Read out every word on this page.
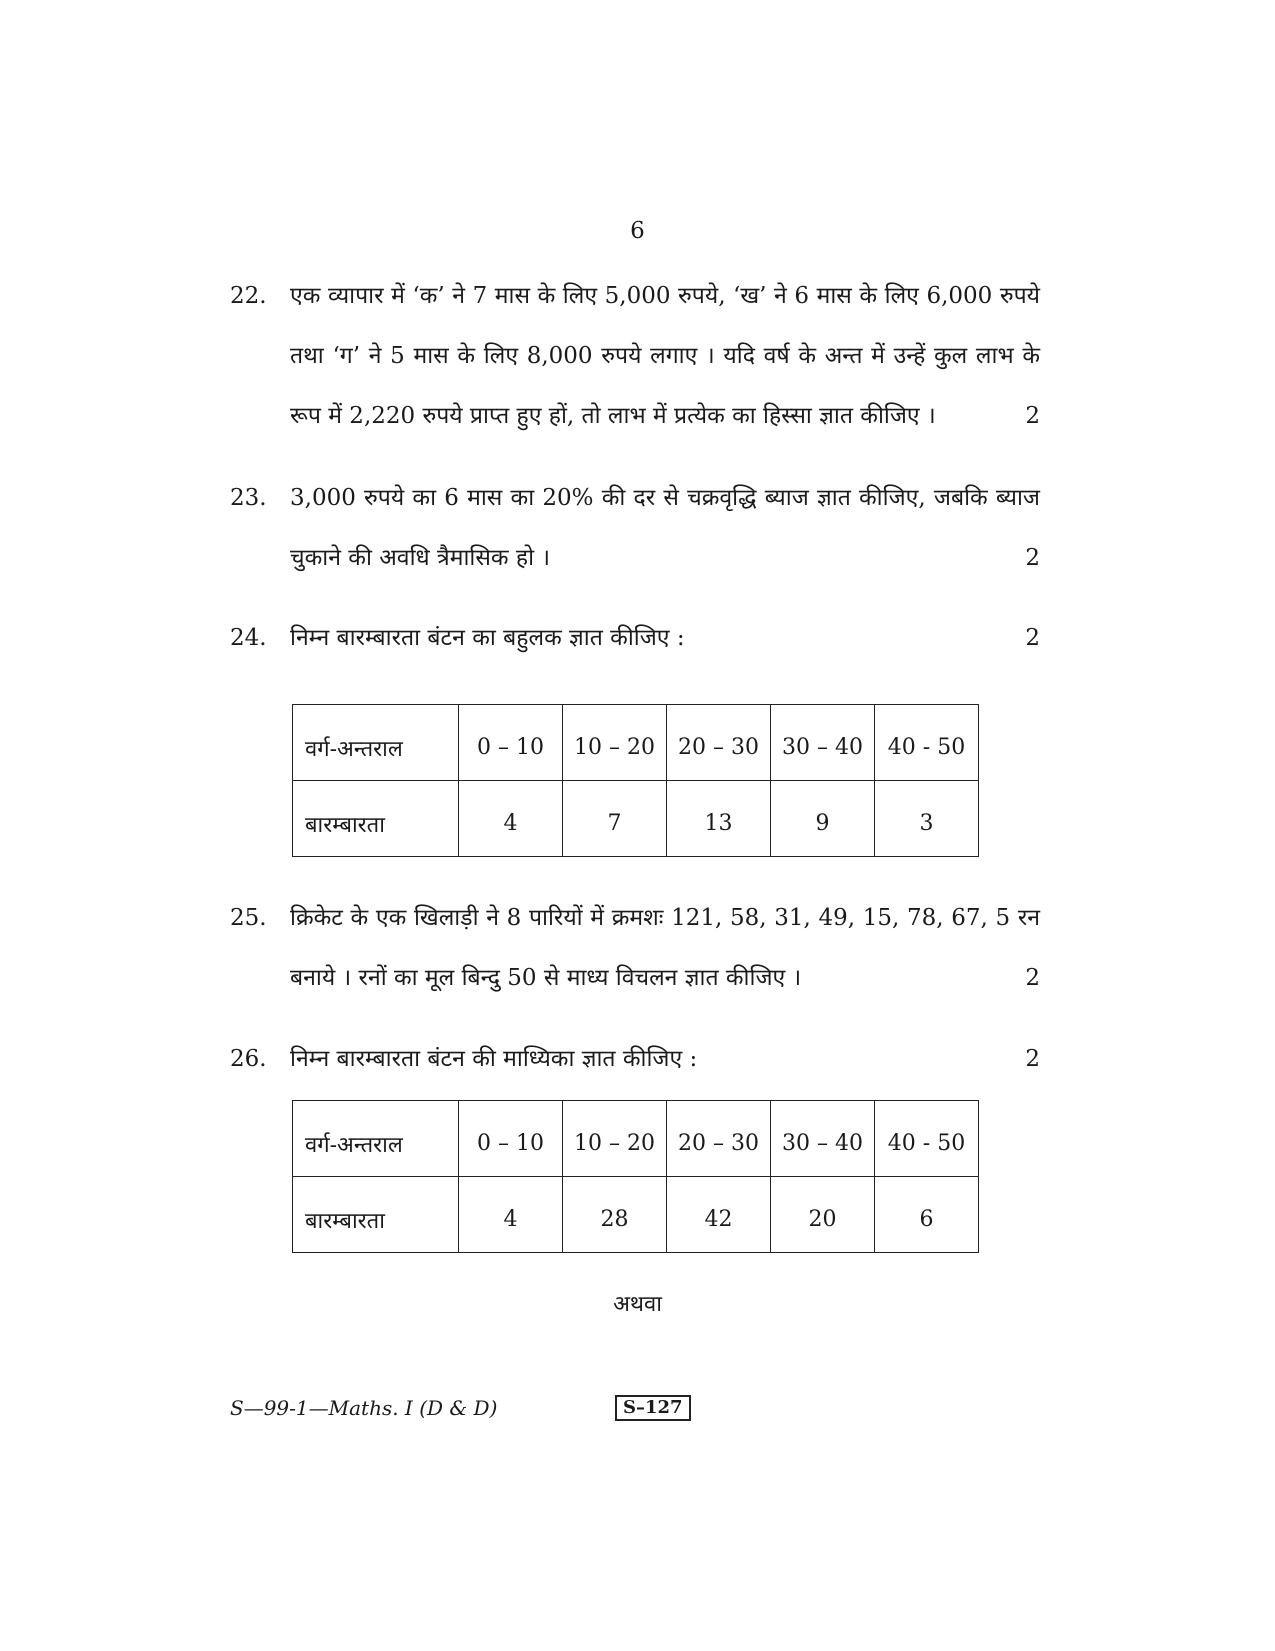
6
22.	एक व्यापार में ‘क’ ने 7 मास के लिए 5,000 रुपये, ‘ख’ ने 6 मास के लिए 6,000 रुपये
तथा ‘ग’ ने 5 मास के लिए 8,000 रुपये लगाए । यदि वर्ष के अन्त में उन्हें कुल लाभ के
रूप में 2,220 रुपये प्राप्त हुए हों, तो लाभ में प्रत्येक का हिस्सा ज्ञात कीजिए ।	2
23.	3,000 रुपये का 6 मास का 20% की दर से चक्रवृद्धि ब्याज ज्ञात कीजिए, जबकि ब्याज
चुकाने की अवधि त्रैमासिक हो ।	2
24.	निम्न बारम्बारता बंटन का बहुलक ज्ञात कीजिए :	2
वर्ग-अन्तराल	0 – 10	10 – 20	20 – 30	30 – 40	40 - 50
बारम्बारता	4	7	13	9	3
25.	क्रिकेट के एक खिलाड़ी ने 8 पारियों में क्रमशः 121, 58, 31, 49, 15, 78, 67, 5 रन
बनाये । रनों का मूल बिन्दु 50 से माध्य विचलन ज्ञात कीजिए ।	2
26.	निम्न बारम्बारता बंटन की माध्यिका ज्ञात कीजिए :	2
वर्ग-अन्तराल	0 – 10	10 – 20	20 – 30	30 – 40	40 - 50
बारम्बारता	4	28	42	20	6
अथवा
S—99-1—Maths. I (D & D)	S–127
